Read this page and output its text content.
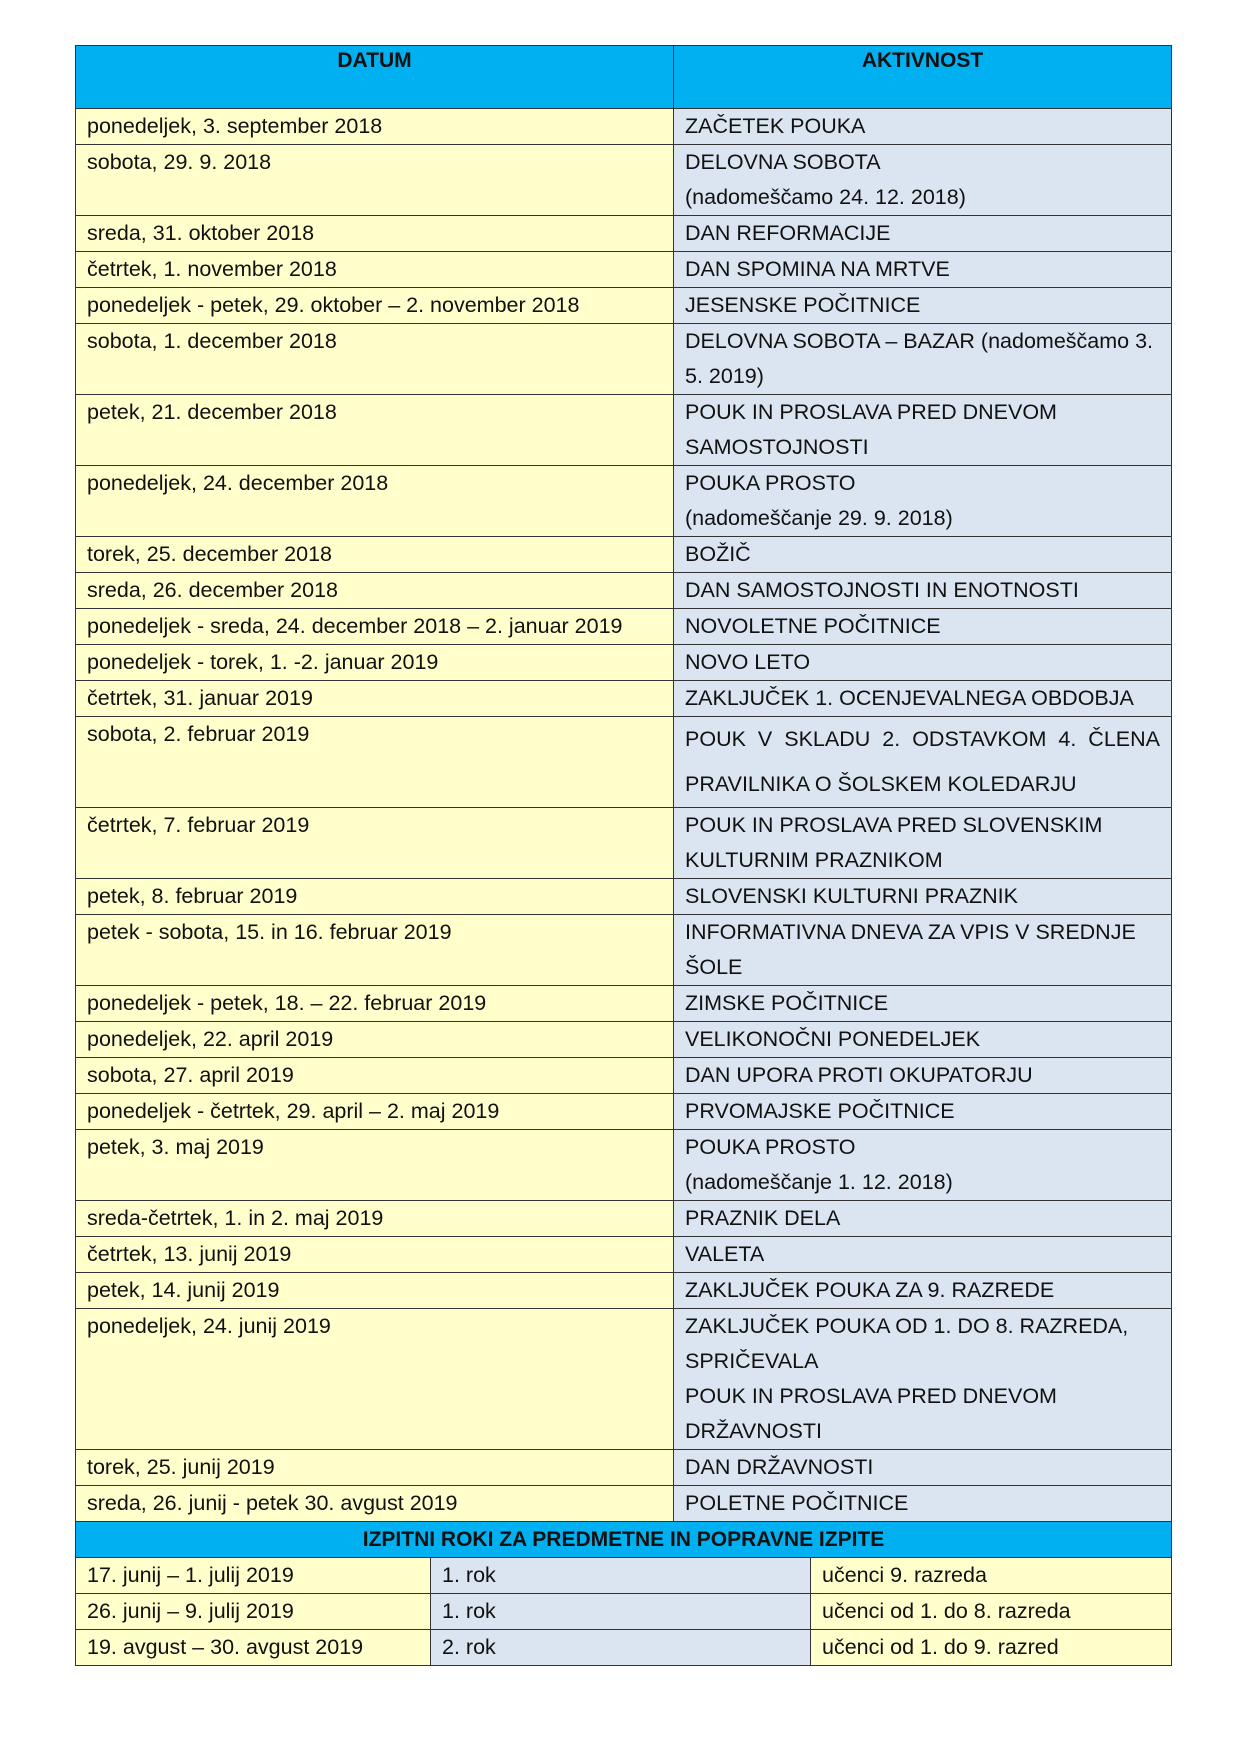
DATUM	AKTIVNOST
ponedeljek, 3. september 2018	ZAČETEK POUKA

sobota, 29. 9. 2018	DELOVNA SOBOTA
(nadomeščamo 24. 12. 2018)

sreda, 31. oktober 2018	DAN REFORMACIJE

četrtek, 1. november 2018	DAN SPOMINA NA MRTVE

ponedeljek - petek, 29. oktober – 2. november 2018	JESENSKE POČITNICE

sobota, 1. december 2018	DELOVNA SOBOTA – BAZAR (nadomeščamo 3. 5. 2019)

petek, 21. december 2018	POUK IN PROSLAVA PRED DNEVOM SAMOSTOJNOSTI

ponedeljek, 24. december 2018	POUKA PROSTO
(nadomeščanje 29. 9. 2018)

torek, 25. december 2018	BOŽIČ

sreda, 26. december 2018	DAN SAMOSTOJNOSTI IN ENOTNOSTI

ponedeljek - sreda, 24. december 2018 – 2. januar 2019	NOVOLETNE POČITNICE

ponedeljek - torek, 1. -2. januar 2019	NOVO LETO

četrtek, 31. januar 2019	ZAKLJUČEK 1. OCENJEVALNEGA OBDOBJA

sobota, 2. februar 2019	POUK V SKLADU 2. ODSTAVKOM 4. ČLENA
PRAVILNIKA O ŠOLSKEM KOLEDARJU

četrtek, 7. februar 2019	POUK IN PROSLAVA PRED SLOVENSKIM KULTURNIM PRAZNIKOM

petek, 8. februar 2019	SLOVENSKI KULTURNI PRAZNIK

petek - sobota, 15. in 16. februar 2019	INFORMATIVNA DNEVA ZA VPIS V SREDNJE ŠOLE

ponedeljek - petek, 18. – 22. februar 2019	ZIMSKE POČITNICE

ponedeljek, 22. april 2019	VELIKONOČNI PONEDELJEK

sobota, 27. april 2019	DAN UPORA PROTI OKUPATORJU

ponedeljek - četrtek, 29. april – 2. maj 2019	PRVOMAJSKE POČITNICE

petek, 3. maj 2019	POUKA PROSTO
(nadomeščanje 1. 12. 2018)

sreda-četrtek, 1. in 2. maj 2019	PRAZNIK DELA

četrtek, 13. junij 2019	VALETA

petek, 14. junij 2019	ZAKLJUČEK POUKA ZA 9. RAZREDE

ponedeljek, 24. junij 2019	ZAKLJUČEK POUKA OD 1. DO 8. RAZREDA, SPRIČEVALA
POUK IN PROSLAVA PRED DNEVOM DRŽAVNOSTI

torek, 25. junij 2019	DAN DRŽAVNOSTI

sreda, 26. junij - petek 30. avgust 2019	POLETNE POČITNICE
IZPITNI ROKI ZA PREDMETNE IN POPRAVNE IZPITE		
17. junij – 1. julij 2019	1. rok	učenci 9. razreda
26. junij – 9. julij 2019	1. rok	učenci od 1. do 8. razreda
19. avgust – 30. avgust 2019	2. rok	učenci od 1. do 9. razred
